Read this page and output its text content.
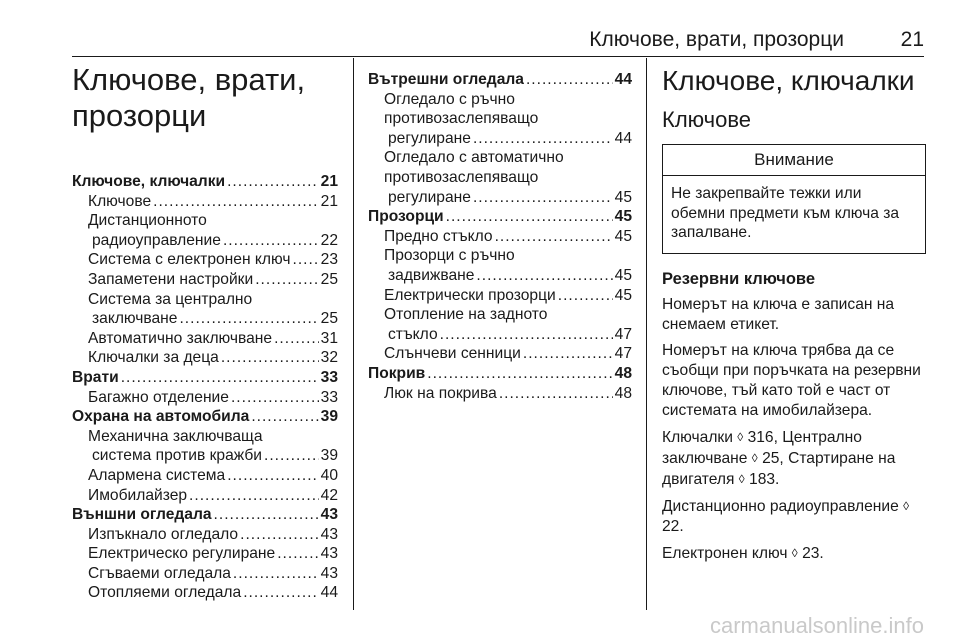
Ключове, врати, прозорци	21
Ключове, врати,
прозорци
Ключове, ключалки .....	21
Ключове .....	21
Дистанционното
радиоуправление .....	22
Система с електронен ключ ..... 23
Запаметени настройки .....	25
Система за централно
заключване .....	25
Автоматично заключване .....	31
Ключалки за деца .....	32
Врати .....	33
Багажно отделение .....	33
Охрана на автомобила .....	39
Механична заключваща
система против кражби .....	39
Алармена система .....	40
Имобилайзер .....	42
Външни огледала .....	43
Изпъкнало огледало .....	43
Електрическо регулиране .....	43
Сгъваеми огледала .....	43
Отопляеми огледала .....	44
Вътрешни огледала .....	44
Огледало с ръчно
противозаслепяващо
регулиране .....	44
Огледало с автоматично
противозаслепяващо
регулиране .....	45
Прозорци .....	45
Предно стъкло .....	45
Прозорци с ръчно
задвижване .....	45
Електрически прозорци .....	45
Отопление на задното
стъкло .....	47
Слънчеви сенници .....	47
Покрив .....	48
Люк на покрива .....	48
Ключове, ключалки
Ключове
Внимание
Не закрепвайте тежки или обемни предмети към ключа за запалване.
Резервни ключове
Номерът на ключа е записан на снемаем етикет.
Номерът на ключа трябва да се съобщи при поръчката на резервни ключове, тъй като той е част от системата на имобилайзера.
Ключалки ◊ 316, Централно заключване ◊ 25, Стартиране на двигателя ◊ 183.
Дистанционно радиоуправление ◊ 22.
Електронен ключ ◊ 23.
carmanualsonline.info
